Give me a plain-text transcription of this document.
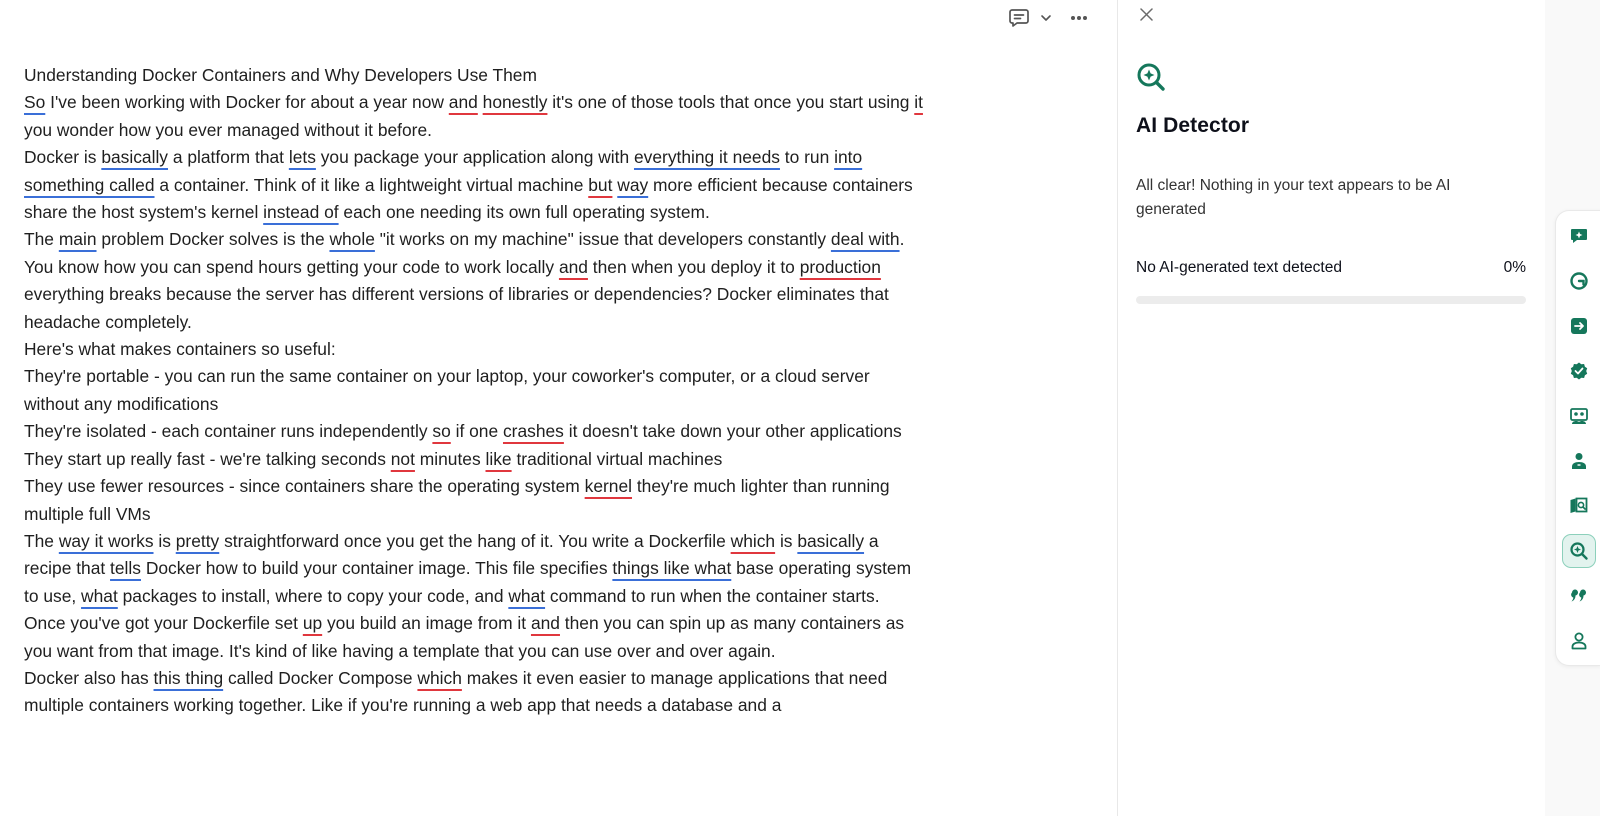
Understanding Docker Containers and Why Developers Use Them

So I've been working with Docker for about a year now and honestly it's one of those tools that once you start using it you wonder how you ever managed without it before.

Docker is basically a platform that lets you package your application along with everything it needs to run into something called a container. Think of it like a lightweight virtual machine but way more efficient because containers share the host system's kernel instead of each one needing its own full operating system.

The main problem Docker solves is the whole "it works on my machine" issue that developers constantly deal with. You know how you can spend hours getting your code to work locally and then when you deploy it to production everything breaks because the server has different versions of libraries or dependencies? Docker eliminates that headache completely.

Here's what makes containers so useful:

They're portable - you can run the same container on your laptop, your coworker's computer, or a cloud server without any modifications

They're isolated - each container runs independently so if one crashes it doesn't take down your other applications

They start up really fast - we're talking seconds not minutes like traditional virtual machines

They use fewer resources - since containers share the operating system kernel they're much lighter than running multiple full VMs

The way it works is pretty straightforward once you get the hang of it. You write a Dockerfile which is basically a recipe that tells Docker how to build your container image. This file specifies things like what base operating system to use, what packages to install, where to copy your code, and what command to run when the container starts.

Once you've got your Dockerfile set up you build an image from it and then you can spin up as many containers as you want from that image. It's kind of like having a template that you can use over and over again.

Docker also has this thing called Docker Compose which makes it even easier to manage applications that need multiple containers working together. Like if you're running a web app that needs a database and a

AI Detector
All clear! Nothing in your text appears to be AI generated
No AI-generated text detected	0%
